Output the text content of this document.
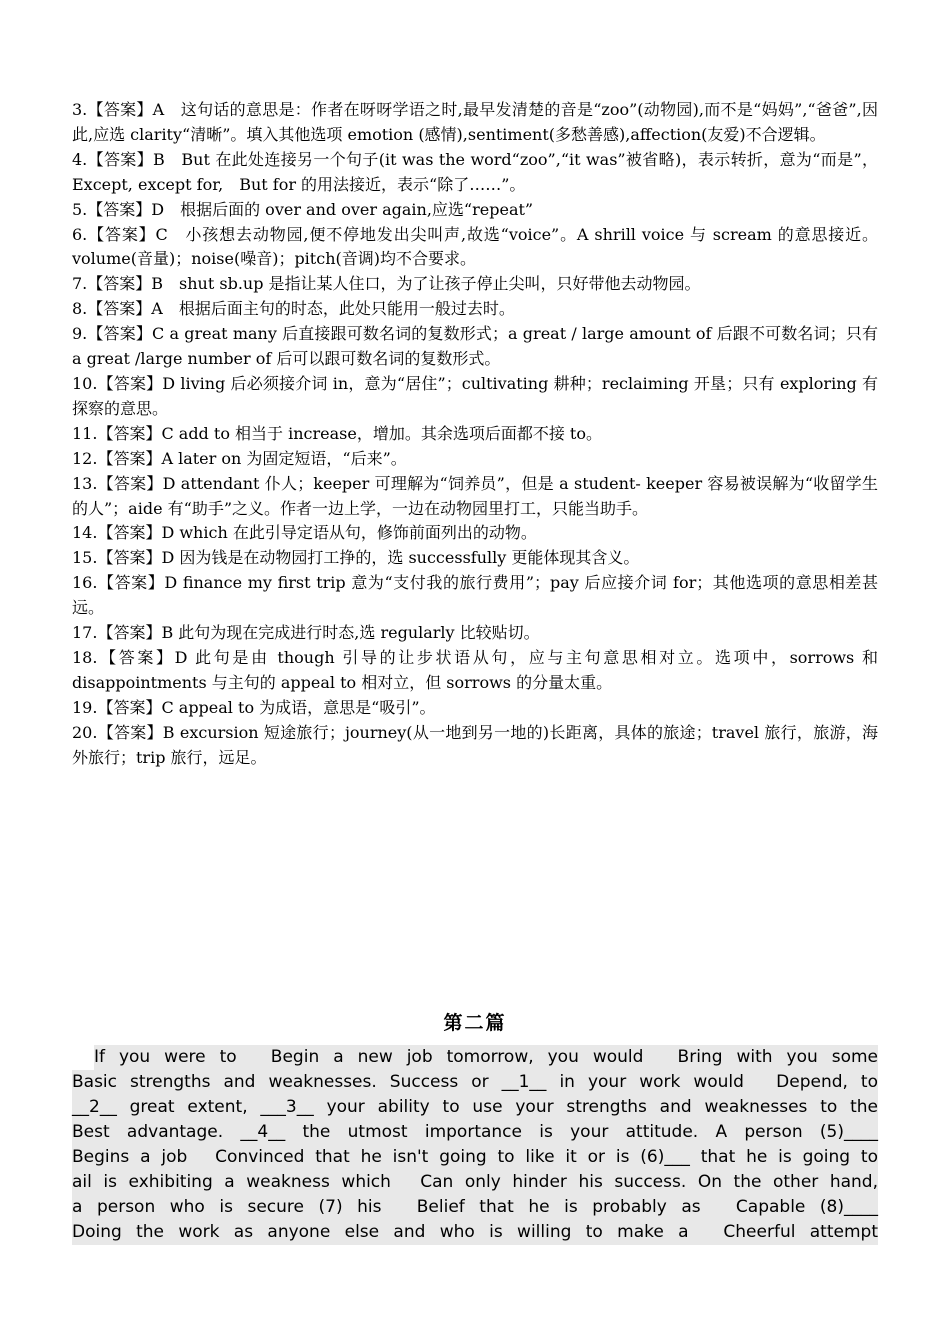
3.【答案】A　这句话的意思是：作者在呀呀学语之时,最早发清楚的音是“zoo”(动物园),而不是“妈妈”,“爸爸”,因此,应选 clarity“清晰”。填入其他选项 emotion (感情),sentiment(多愁善感),affection(友爱)不合逻辑。

4.【答案】B　But 在此处连接另一个句子(it was the word“zoo”,“it was”被省略)，表示转折，意为“而是”，Except, except for,　But for 的用法接近，表示“除了……”。

5.【答案】D　根据后面的 over and over again,应选“repeat”

6.【答案】C　小孩想去动物园,便不停地发出尖叫声,故选“voice”。A shrill voice 与 scream 的意思接近。volume(音量)；noise(噪音)；pitch(音调)均不合要求。

7.【答案】B　shut sb.up 是指让某人住口，为了让孩子停止尖叫，只好带他去动物园。

8.【答案】A　根据后面主句的时态，此处只能用一般过去时。

9.【答案】C a great many 后直接跟可数名词的复数形式；a great / large amount of 后跟不可数名词；只有 a great /large number of 后可以跟可数名词的复数形式。

10.【答案】D living 后必须接介词 in，意为“居住”；cultivating 耕种；reclaiming 开垦；只有 exploring 有探察的意思。

11.【答案】C add to 相当于 increase，增加。其余选项后面都不接 to。

12.【答案】A later on 为固定短语，“后来”。

13.【答案】D attendant 仆人；keeper 可理解为“饲养员”，但是 a student- keeper 容易被误解为“收留学生的人”；aide 有“助手”之义。作者一边上学，一边在动物园里打工，只能当助手。

14.【答案】D which 在此引导定语从句，修饰前面列出的动物。

15.【答案】D 因为钱是在动物园打工挣的，选 successfully 更能体现其含义。

16.【答案】D finance my first trip 意为“支付我的旅行费用”；pay 后应接介词 for；其他选项的意思相差甚远。

17.【答案】B 此句为现在完成进行时态,选 regularly 比较贴切。

18.【答案】D 此句是由 though 引导的让步状语从句，应与主句意思相对立。选项中，sorrows 和 disappointments 与主句的 appeal to 相对立，但 sorrows 的分量太重。

19.【答案】C appeal to 为成语，意思是“吸引”。

20.【答案】B excursion 短途旅行；journey(从一地到另一地的)长距离，具体的旅途；travel 旅行，旅游，海外旅行；trip 旅行，远足。

第二篇

If you were to　Begin a new job tomorrow, you would　Bring with you some
Basic strengths and weaknesses. Success or __1__ in your work would　Depend, to
__2__ great extent, ___3__ your ability to use your strengths and weaknesses to the
Best advantage. __4__ the utmost importance is your attitude. A person (5)____
Begins a job　Convinced that he isn't going to like it or is (6)___ that he is going to
ail is exhibiting a weakness which　Can only hinder his success. On the other hand,
a person who is secure (7) his　Belief that he is probably as　Capable (8)____
Doing the work as anyone else and who is willing to make a　Cheerful attempt
